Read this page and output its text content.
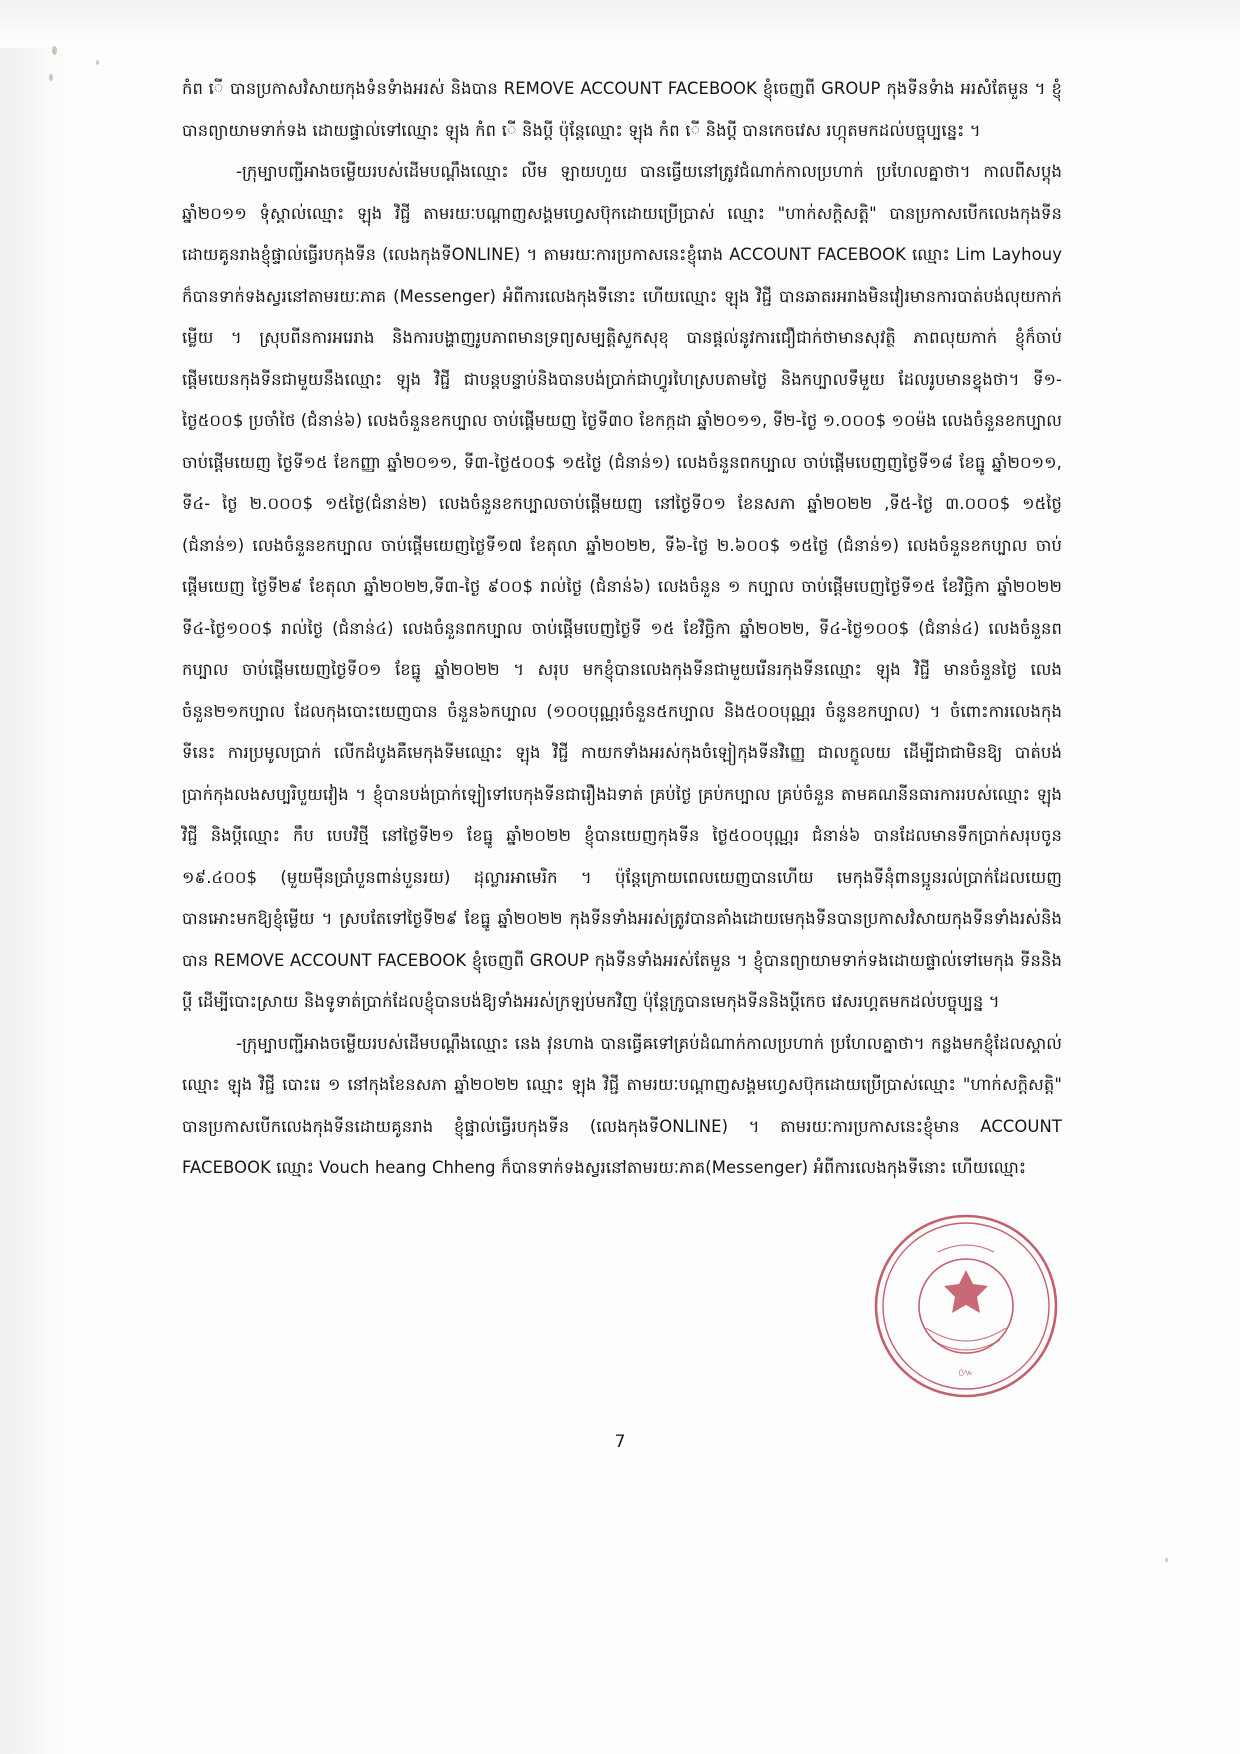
កំព ើ បានប្រកាសវំសាយកុងទំនទំាងអរស់ និងបាន REMOVE ACCOUNT FACEBOOK ខ្ញុំចេញពី GROUP កុងទីនទំាង អរសំតែមួន ។ ខ្ញុំបានព្យាយាមទាក់ទង ដោយផ្ទាល់ទៅឈ្មោះ ឡុង កំព ើ និងប្តី ប៉ុន្តែឈ្មោះ ឡុង កំព ើ និងប្តី បានកេចវេស រហ្កុតមកដល់បច្ចុប្បន្នេះ ។

-ក្រុម្បាបញ្ជីអាងចម្លើយរបស់ដើមបណ្តឹងឈ្មោះ លីម ឡាយហួយ បានធ្វើយនៅត្រូវជំណាក់កាលប្រហាក់ ប្រហែលគ្នាថា។ កាលពីសប្តុងឆ្នាំ២០១១ ទុំស្គាល់ឈ្មោះ ឡុង វិជ្ជី តាមរយៈបណ្តាញសង្គមហ្វេសប៊ុកដោយប្រើប្រាស់ ឈ្មោះ "ហាក់សក្តិសត្តិ" បានប្រកាសបើកលេងកុងទីន ដោយគូនរាងខ្ញុំផ្ទាល់ធ្វើរបកុងទីន (លេងកុងទីONLINE) ។ តាមរយៈការប្រកាសនេះខ្ញុំរោង ACCOUNT FACEBOOK ឈ្មោះ Lim Layhouy ក៏បានទាក់ទងស្វរនៅតាមរយៈភាគ (Messenger) អំពីការលេងកុងទីនោះ ហើយឈ្មោះ ឡុង វិជ្ជី បានឆាតរអរាងមិនវៀរមានការបាត់បង់លុយកាក់ ម្លើយ ។ ស្រុបពីនការអរេរាង និងការបង្ហាញរូបភាពមានទ្រព្យសម្បត្តិសួកសុខុ បានផ្ដល់នូវការជឿជាក់ថាមានសុវត្ថិ ភាពលុយកាក់ ខ្ញុំក៏ចាប់ផ្ដើមយេនកុងទីនជាមួយនឹងឈ្មោះ ឡុង វិជ្ជី ជាបន្តបន្ទាប់និងបានបង់ប្រាក់ជាហ្វូរហៃស្របតាមថ្ងៃ និងកប្បាលទឹមួយ ដែលរូបមានខ្ទុងថា។ ទី១-ថ្ងៃ៥០០$ ប្រចាំថៃ (ជំនាន់៦) លេងចំនួនខកប្បាល ចាប់ផ្ដើមយញ ថ្ងៃទី៣០ ខែកក្កដា ឆ្នាំ២០១១, ទី២-ថ្ងៃ ១.០០០$ ១០ម៉ង លេងចំនួនខកប្បាល ចាប់ផ្ដើមយេញ ថ្ងៃទី១៥ ខែកញ្ញា ឆ្នាំ២០១១, ទី៣-ថ្ងៃ៥០០$ ១៥ថ្ងៃ (ជំនាន់១) លេងចំនួនពកប្បាល ចាប់ផ្ដើមបេញញថ្ងៃទី១៨ ខែធ្នូ ឆ្នាំ២០១១, ទី៤- ថ្ងៃ ២.០០០$ ១៥ថ្ងៃ(ជំនាន់២) លេងចំនួនខកប្បាលចាប់ផ្ដើមយញ នៅថ្ងៃទី០១ ខែនសភា ឆ្នាំ២០២២ ,ទី៥-ថ្ងៃ ៣.០០០$ ១៥ថ្ងៃ (ជំនាន់១) លេងចំនួនខកប្បាល ចាប់ផ្ដើមយេញថ្ងៃទី១៧ ខែតុលា ឆ្នាំ២០២២, ទី៦-ថ្ងៃ ២.៦០០$ ១៥ថ្ងៃ (ជំនាន់១) លេងចំនួនខកប្បាល ចាប់ផ្ដើមយេញ ថ្ងៃទី២៩ ខែតុលា ឆ្នាំ២០២២,ទី៣-ថ្ងៃ ៩០០$ រាល់ថ្ងៃ (ជំនាន់៦) លេងចំនួន ១ កប្បាល ចាប់ផ្ដើមបេញថ្ងៃទី១៥ ខែវិច្ឆិកា ឆ្នាំ២០២២ ទី៤-ថ្ងៃ១០០$ រាល់ថ្ងៃ (ជំនាន់៤) លេងចំនួនពកប្បាល ចាប់ផ្ដើមបេញថ្ងៃទី ១៥ ខែវិច្ឆិកា ឆ្នាំ២០២២, ទី៤-ថ្ងៃ១០០$ (ជំនាន់៤) លេងចំនួនពកប្បាល ចាប់ផ្ដើមយេញថ្ងៃទី០១ ខែធ្នូ ឆ្នាំ២០២២ ។ សរុប មកខ្ញុំបានលេងកុងទីនជាមួយរើនរកុងទីនឈ្មោះ ឡុង វិជ្ជី មានចំនួនថ្ងៃ លេងចំនួន២១កប្បាល ដែលកុងបោះយេញបាន ចំនួន៦កប្បាល (១០០បុណ្ណរចំនួន៥កប្បាល និង៥០០បុណ្ណរ ចំនួនខកប្បាល) ។ ចំពោះការលេងកុងទីនេះ ការប្រមូលប្រាក់ លើកដំបូងគឺមេកុងទីមឈ្មោះ ឡុង វិជ្ជី កាយកទាំងអរស់កុងចំឡៀកុងទីនវិញ្ញេ ជាលក្ខូលយ ដើម្បីជាជាមិនឱ្យ បាត់បង់ប្រាក់កុងលងសប្បរិបួយវៀង ។ ខ្ញុំបានបង់ប្រាក់ឡៀទៅបេកុងទីនជារឿងឯទាត់ គ្រប់ថ្ងៃ គ្រប់កប្បាល គ្រប់ចំនួន តាមគណនីនធារការរបស់ឈ្មោះ ឡុង វិជ្ជី និងប្ដីឈ្មោះ កឹប បេបវិថ្មី នៅថ្ងៃទី២១ ខែធ្នូ ឆ្នាំ២០២២ ខ្ញុំបានយេញកុងទីន ថ្ងៃ៥០០បុណ្ណរ ជំនាន់៦ បានដែលមានទឹកប្រាក់សរុបចូន ១៩.៤០០$ (មួយម៉ឺនប្រាំបួនពាន់បួនរយ) ដុល្លារអាមេរិក ។ ប៉ុន្តែក្រោយពេលយេញបានហើយ មេកុងទីនុំពានប្អូនរល់ប្រាក់ដែលយេញបានអោះមកឱ្យខ្ញុំម្លើយ ។ ស្របតែទៅថ្ងៃទី២៩ ខែធ្នូ ឆ្នាំ២០២២ កុងទីនទាំងអរស់ត្រូវបានគាំងដោយមេកុងទីនបានប្រកាសវំសាយកុងទីនទាំងរស់និងបាន REMOVE ACCOUNT FACEBOOK ខ្ញុំចេញពី GROUP កុងទីនទាំងអរស់តែមួន ។ ខ្ញុំបានព្យាយាមទាក់ទងដោយផ្ទាល់ទៅមេកុង ទីននិងប្តី ដើម្បីបោះស្រាយ និងទូទាត់ប្រាក់ដែលខ្ញុំបានបង់ឱ្យទាំងអរស់ក្រឡប់មកវិញ ប៉ុន្តែក្រូបានមេកុងទីននិងប្តីកេច វេសរហ្គតមកដល់បច្ចុប្បន្ន ។

-ក្រុម្បាបញ្ជីអាងចម្លើយរបស់ដើមបណ្ដឹងឈ្មោះ នេង វុនហាង បានធ្វើឝទៅគ្រប់ដំណាក់កាលប្រហាក់ ប្រហែលគ្នាថា។ កន្លងមកខ្ញុំដែលស្គាល់ឈ្មោះ ឡុង វិជ្ជី បោះរេ ១ នៅកុងខែនសភា ឆ្នាំ២០២២ ឈ្មោះ ឡុង វិជ្ជី តាមរយៈបណ្តាញសង្គមហ្វេសប៊ុកដោយប្រើប្រាស់ឈ្មោះ "ហាក់សក្តិសត្តិ" បានប្រកាសបើកលេងកុងទីនដោយគូនរាង ខ្ញុំផ្ទាល់ធ្វើរបកុងទីន (លេងកុងទីONLINE) ។ តាមរយៈការប្រកាសនេះខ្ញុំមាន ACCOUNT FACEBOOK ឈ្មោះ Vouch heang Chheng ក៏បានទាក់ទងស្វរនៅតាមរយៈភាគ(Messenger) អំពីការលេងកុងទីនោះ ហើយឈ្មោះ

៚
7
